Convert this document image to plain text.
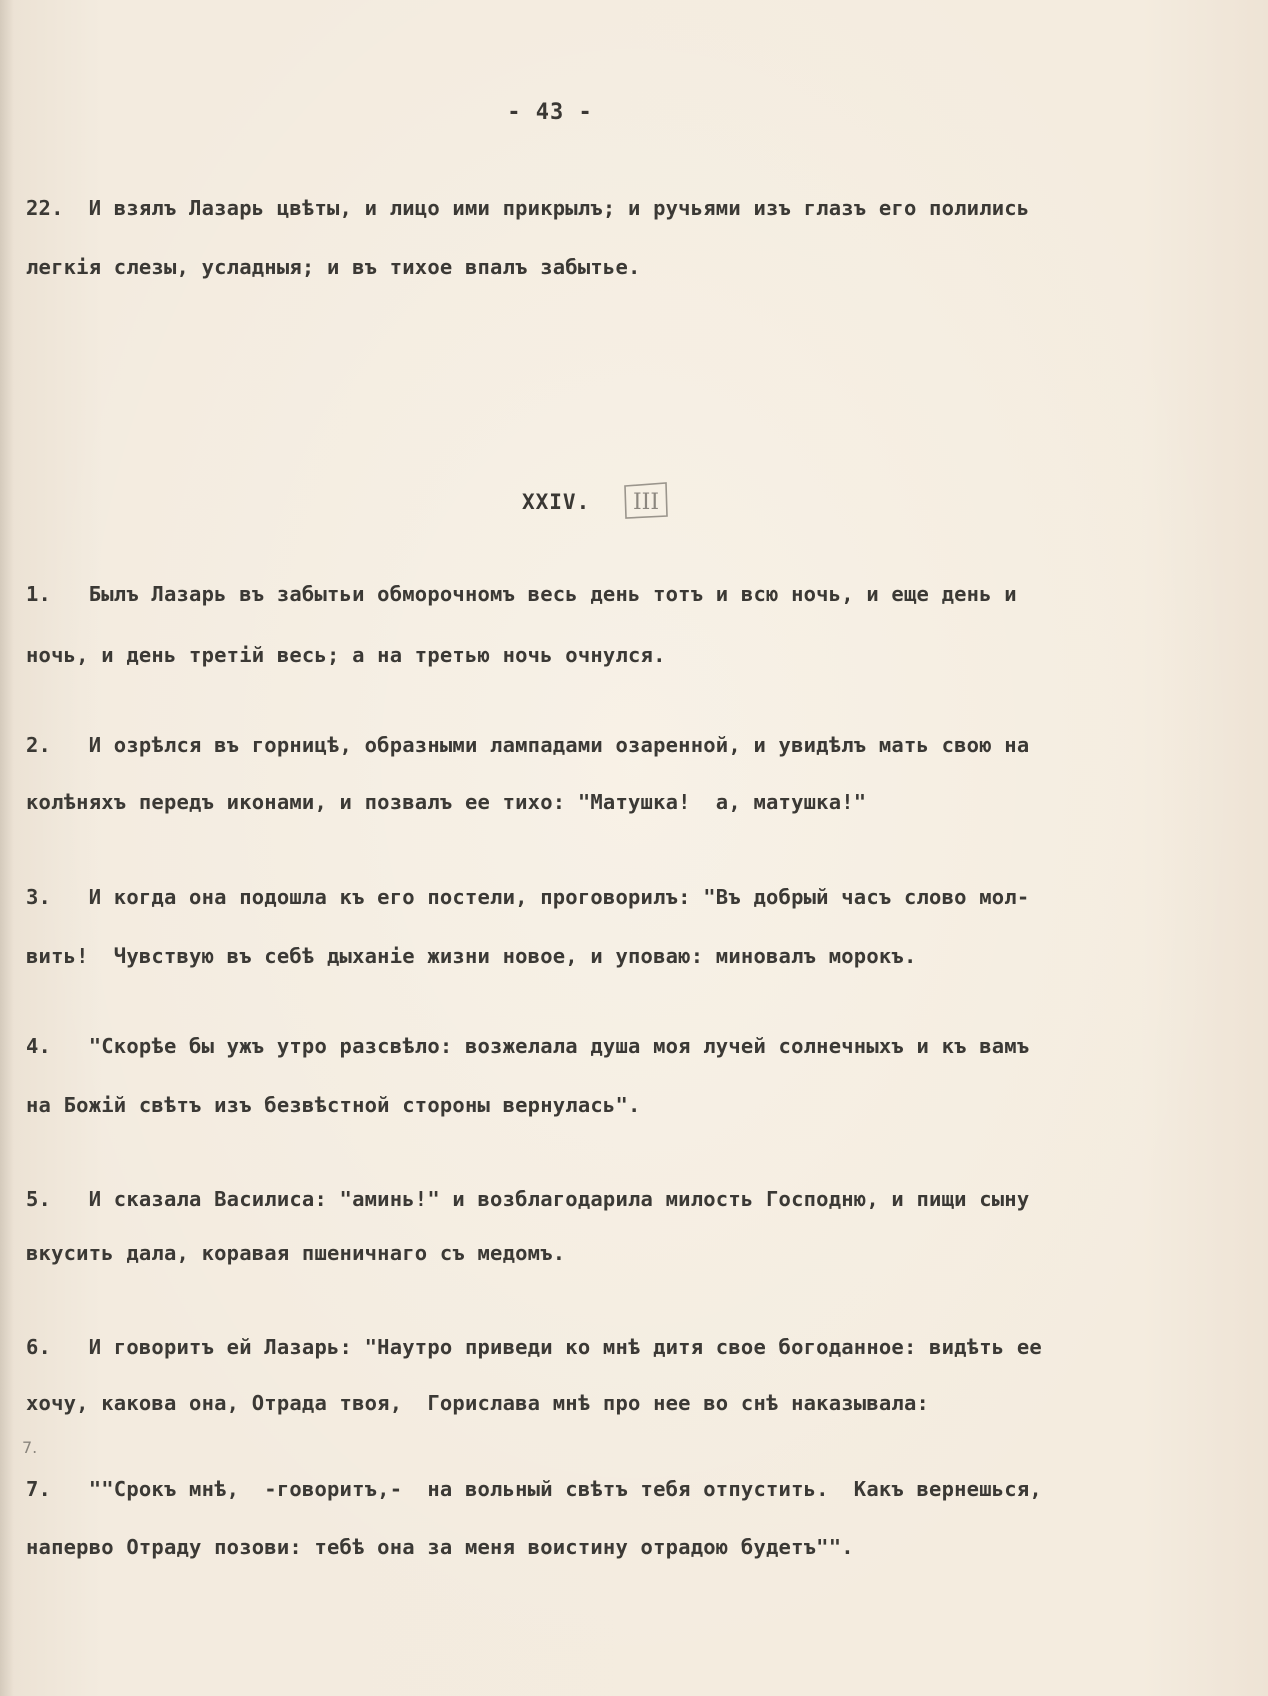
- 43 -
22.  И взялъ Лазарь цвѣты, и лицо ими прикрылъ; и ручьями изъ глазъ его полились
легкія слезы, усладныя; и въ тихое впалъ забытье.
XXIV. III
1.   Былъ Лазарь въ забытьи обморочномъ весь день тотъ и всю ночь, и еще день и
ночь, и день третій весь; а на третью ночь очнулся.
2.   И озрѣлся въ горницѣ, образными лампадами озаренной, и увидѣлъ мать свою на
колѣняхъ передъ иконами, и позвалъ ее тихо: "Матушка!  а, матушка!"
3.   И когда она подошла къ его постели, проговорилъ: "Въ добрый часъ слово мол-
вить!  Чувствую въ себѣ дыханіе жизни новое, и уповаю: миновалъ морокъ.
4.   "Скорѣе бы ужъ утро разсвѣло: возжелала душа моя лучей солнечныхъ и къ вамъ
на Божій свѣтъ изъ безвѣстной стороны вернулась".
5.   И сказала Василиса: "аминь!" и возблагодарила милость Господню, и пищи сыну
вкусить дала, коравая пшеничнаго съ медомъ.
6.   И говоритъ ей Лазарь: "Наутро приведи ко мнѣ дитя свое богоданное: видѣть ее
хочу, какова она, Отрада твоя,  Горислава мнѣ про нее во снѣ наказывала:
7.
7.   ""Срокъ мнѣ,  -говоритъ,-  на вольный свѣтъ тебя отпустить.  Какъ вернешься,
наперво Отраду позови: тебѣ она за меня воистину отрадою будетъ"".
